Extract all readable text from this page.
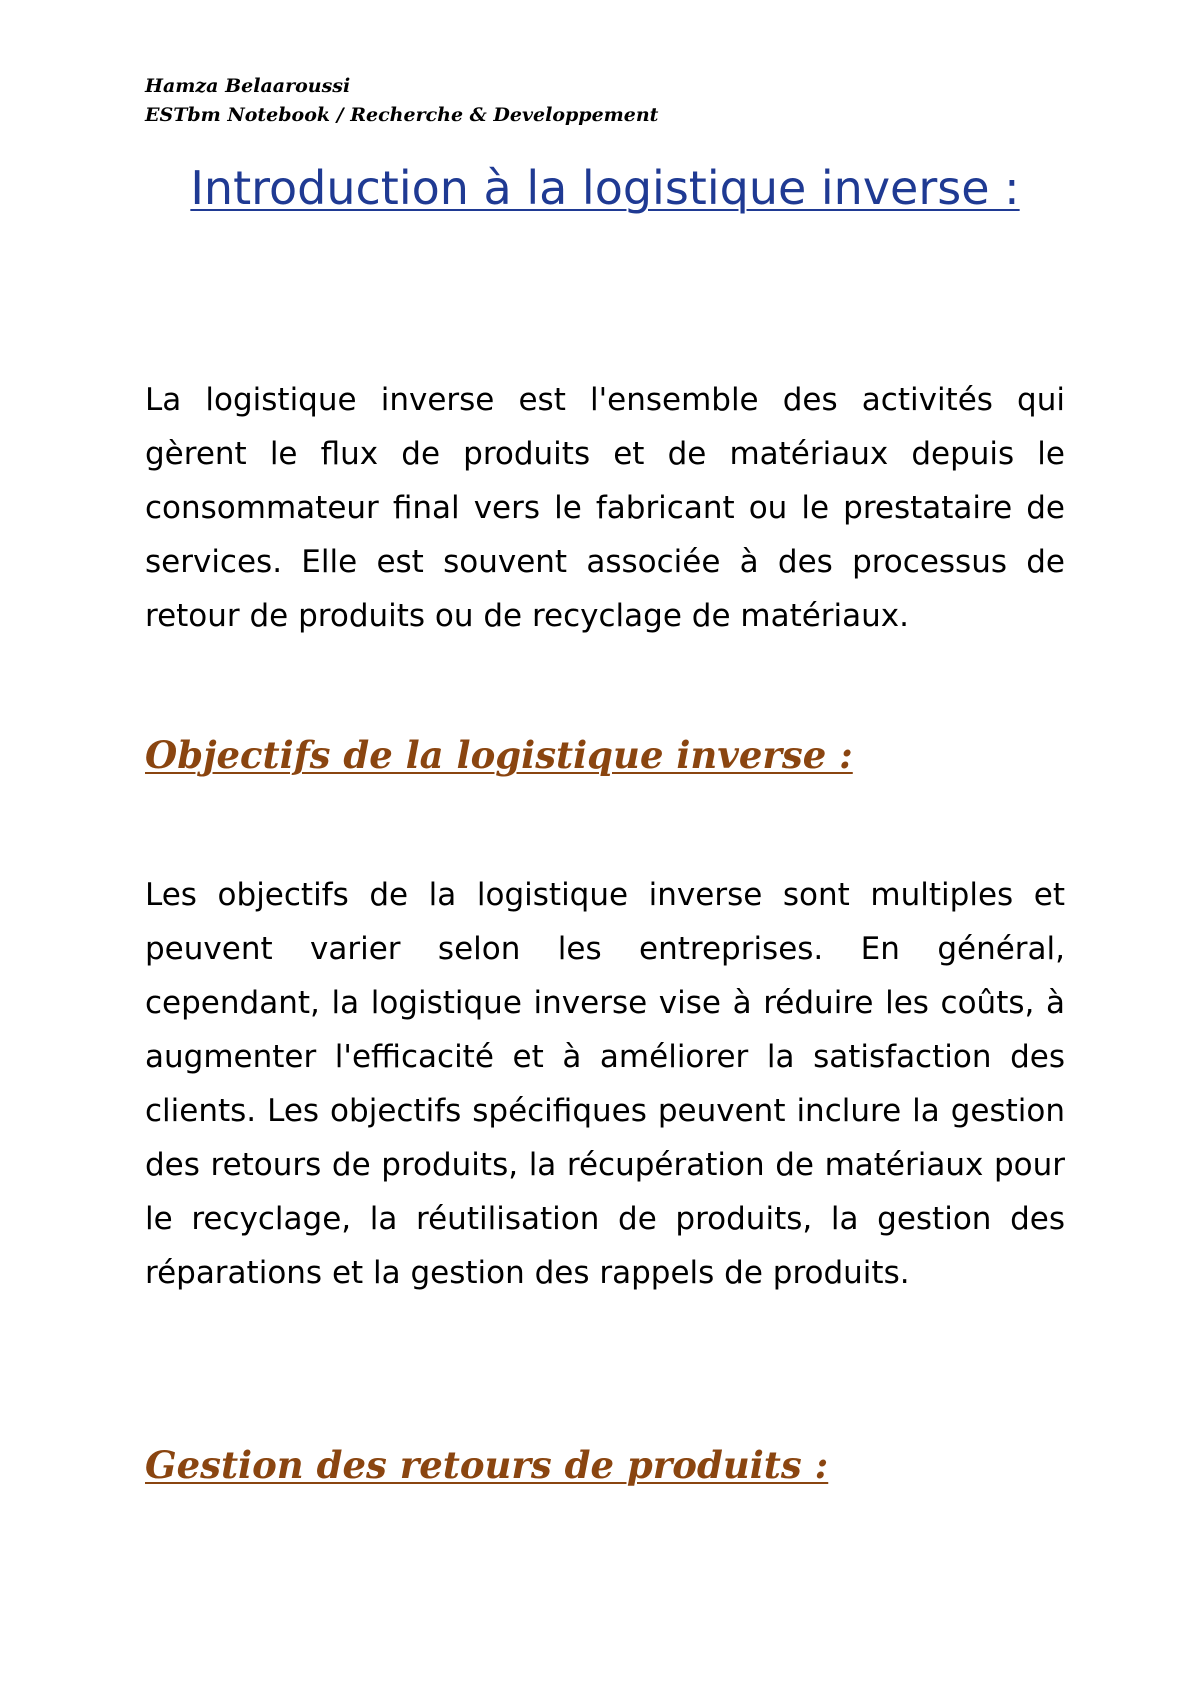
Hamza Belaaroussi
ESTbm Notebook / Recherche & Developpement
Introduction à la logistique inverse :

La logistique inverse est l'ensemble des activités qui gèrent le flux de produits et de matériaux depuis le consommateur final vers le fabricant ou le prestataire de services. Elle est souvent associée à des processus de retour de produits ou de recyclage de matériaux.

Objectifs de la logistique inverse :

Les objectifs de la logistique inverse sont multiples et peuvent varier selon les entreprises. En général, cependant, la logistique inverse vise à réduire les coûts, à augmenter l'efficacité et à améliorer la satisfaction des clients. Les objectifs spécifiques peuvent inclure la gestion des retours de produits, la récupération de matériaux pour le recyclage, la réutilisation de produits, la gestion des réparations et la gestion des rappels de produits.

Gestion des retours de produits :
